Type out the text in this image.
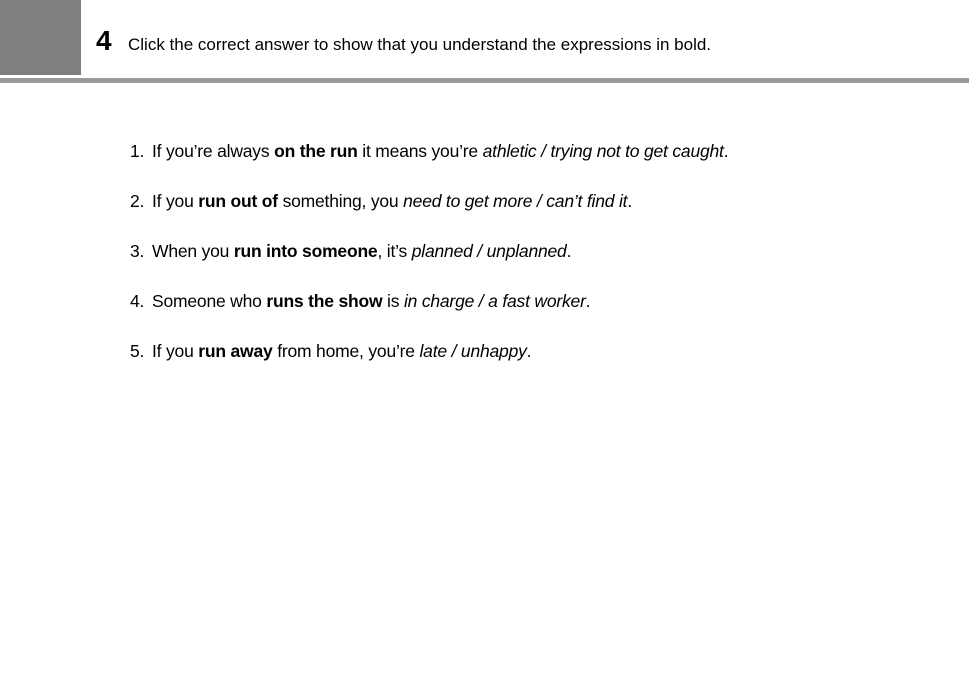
4 Click the correct answer to show that you understand the expressions in bold.
1. If you’re always on the run it means you’re athletic / trying not to get caught.
2. If you run out of something, you need to get more / can’t find it.
3. When you run into someone, it’s planned / unplanned.
4. Someone who runs the show is in charge / a fast worker.
5. If you run away from home, you’re late / unhappy.
